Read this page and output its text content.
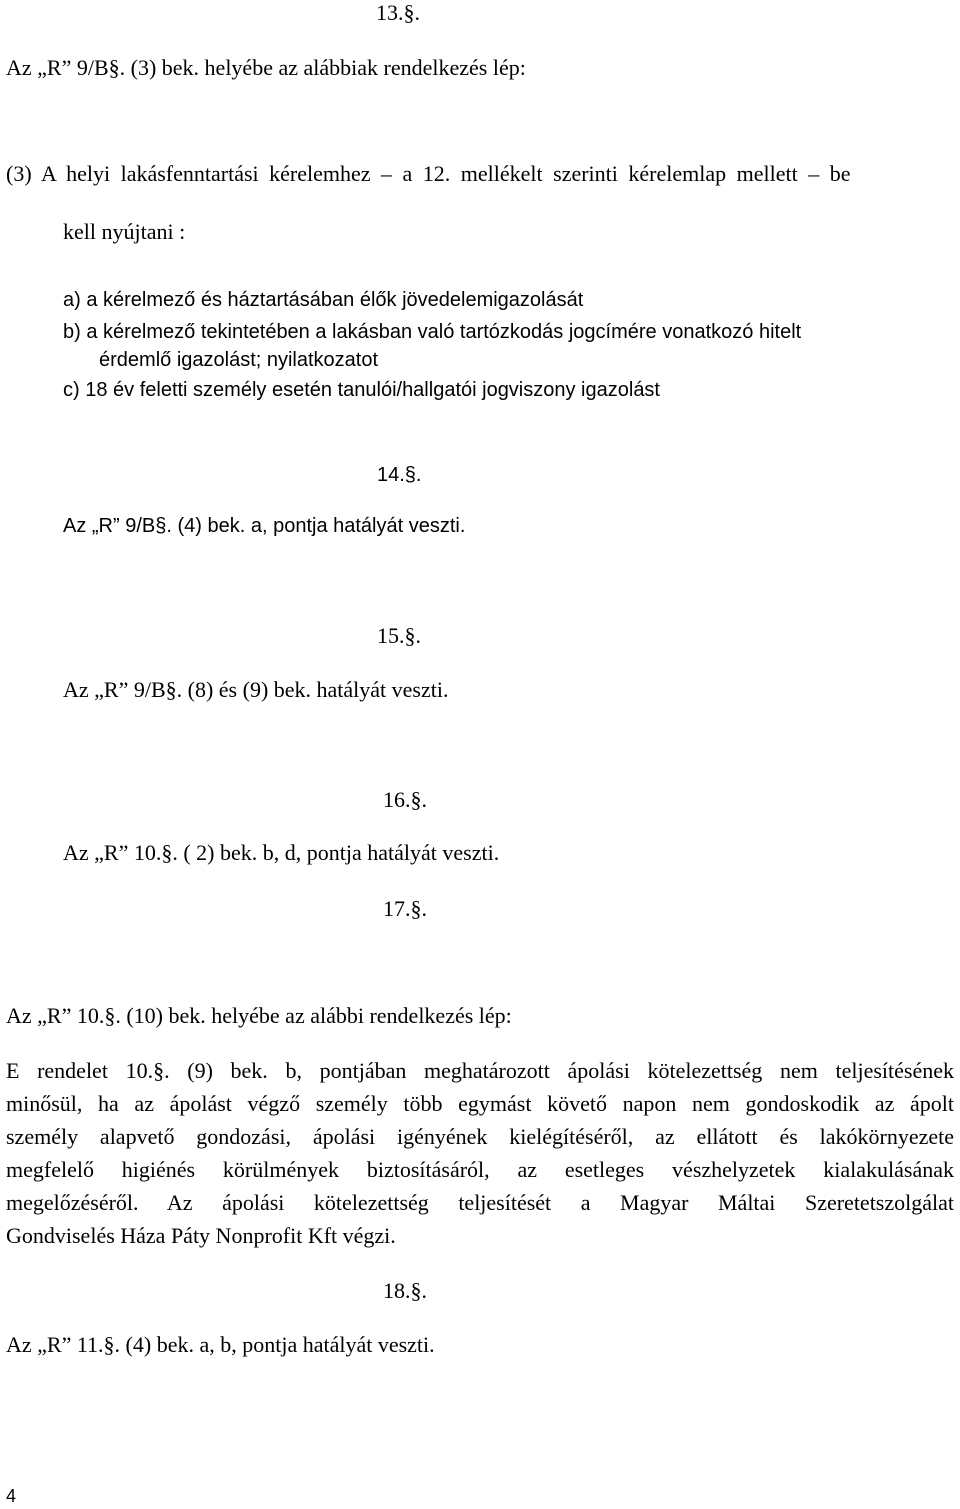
13.§.
Az „R” 9/B§. (3) bek. helyébe az alábbiak rendelkezés lép:
(3) A helyi lakásfenntartási kérelemhez – a 12. mellékelt szerinti kérelemlap mellett – be
kell nyújtani :
a) a kérelmező és háztartásában élők jövedelemigazolását
b) a kérelmező tekintetében a lakásban való tartózkodás jogcímére vonatkozó hitelt
érdemlő igazolást; nyilatkozatot
c) 18 év feletti személy esetén tanulói/hallgatói jogviszony igazolást
14.§.
Az „R” 9/B§. (4) bek. a, pontja hatályát veszti.
15.§.
Az „R” 9/B§. (8) és (9) bek. hatályát veszti.
16.§.
Az „R” 10.§. ( 2) bek. b, d, pontja hatályát veszti.
17.§.
Az „R” 10.§. (10) bek. helyébe az alábbi rendelkezés lép:
E rendelet 10.§. (9) bek. b, pontjában meghatározott ápolási kötelezettség nem teljesítésének
minősül, ha az ápolást végző személy több egymást követő napon nem gondoskodik az ápolt
személy alapvető gondozási, ápolási igényének kielégítéséről, az ellátott és lakókörnyezete
megfelelő higiénés körülmények biztosításáról, az esetleges vészhelyzetek kialakulásának
megelőzéséről. Az ápolási kötelezettség teljesítését a Magyar Máltai Szeretetszolgálat
Gondviselés Háza Páty Nonprofit Kft végzi.
18.§.
Az „R” 11.§. (4) bek. a, b, pontja hatályát veszti.
4
